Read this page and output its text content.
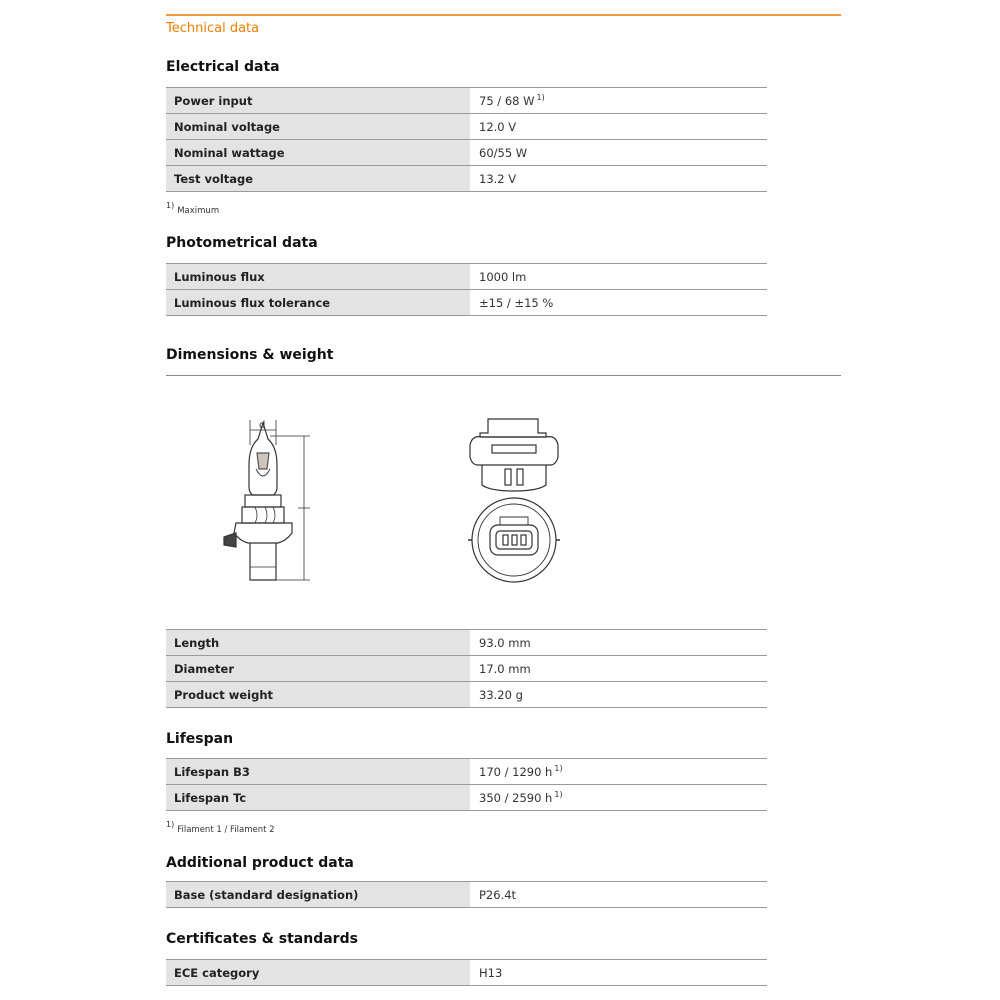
Technical data
Electrical data
Power input	75 / 68 W $^{1)}$
Nominal voltage	12.0 V
Nominal wattage	60/55 W
Test voltage	13.2 V
$^{1)}$Maximum
Photometrical data
Luminous flux	1000 lm
Luminous flux tolerance	±15 / ±15 %
Dimensions & weight
d
Length	93.0 mm
Diameter	17.0 mm
Product weight	33.20 g
Lifespan
Lifespan B3	170 / 1290 h $^{1)}$
Lifespan Tc	350 / 2590 h $^{1)}$
$^{1)}$Filament 1 / Filament 2
Additional product data
Base (standard designation)	P26.4t
Certificates & standards
ECE category	H13
